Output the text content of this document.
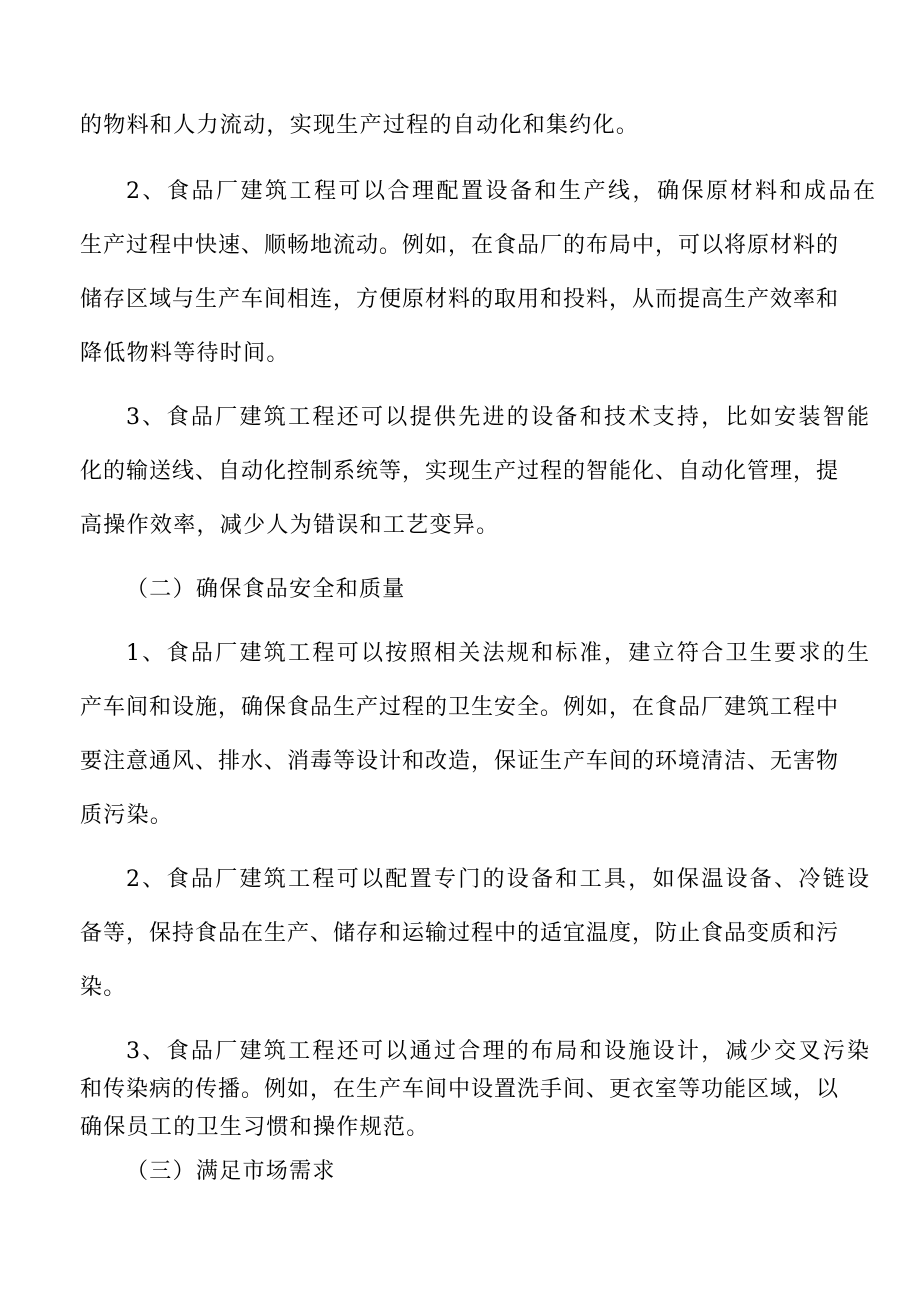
的物料和人力流动，实现生产过程的自动化和集约化。
2、食品厂建筑工程可以合理配置设备和生产线，确保原材料和成品在
生产过程中快速、顺畅地流动。例如，在食品厂的布局中，可以将原材料的
储存区域与生产车间相连，方便原材料的取用和投料，从而提高生产效率和
降低物料等待时间。
3、食品厂建筑工程还可以提供先进的设备和技术支持，比如安装智能
化的输送线、自动化控制系统等，实现生产过程的智能化、自动化管理，提
高操作效率，减少人为错误和工艺变异。
（二）确保食品安全和质量
1、食品厂建筑工程可以按照相关法规和标准，建立符合卫生要求的生
产车间和设施，确保食品生产过程的卫生安全。例如，在食品厂建筑工程中
要注意通风、排水、消毒等设计和改造，保证生产车间的环境清洁、无害物
质污染。
2、食品厂建筑工程可以配置专门的设备和工具，如保温设备、冷链设
备等，保持食品在生产、储存和运输过程中的适宜温度，防止食品变质和污
染。
3、食品厂建筑工程还可以通过合理的布局和设施设计，减少交叉污染
和传染病的传播。例如，在生产车间中设置洗手间、更衣室等功能区域，以
确保员工的卫生习惯和操作规范。
（三）满足市场需求
